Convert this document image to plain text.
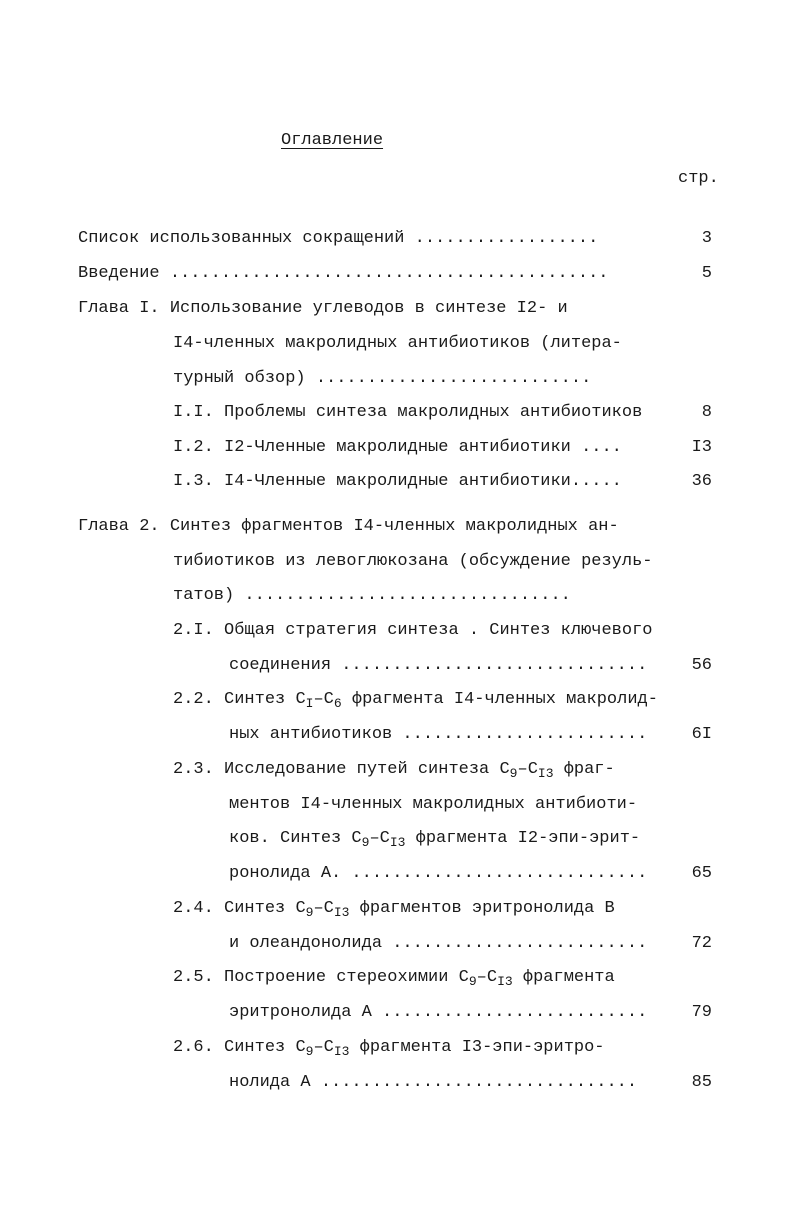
Оглавление
стр.
Список использованных сокращений ..................	3
Введение ...........................................	5
Глава I. Использование углеводов в синтезе I2- и
I4-членных макролидных антибиотиков (литера-
турный обзор) ...........................
I.I. Проблемы синтеза макролидных антибиотиков	8
I.2. I2-Членные макролидные антибиотики ....	I3
I.3. I4-Членные макролидные антибиотики.....	36
Глава 2. Синтез фрагментов I4-членных макролидных ан-
тибиотиков из левоглюкозана (обсуждение резуль-
татов) ................................
2.I. Общая стратегия синтеза . Синтез ключевого
соединения ..............................	56
2.2. Синтез $C_I-C_6$ фрагмента I4-членных макролид-
ных антибиотиков ........................	6I
2.3. Исследование путей синтеза $C_9-C_{I3}$ фраг-
ментов I4-членных макролидных антибиоти-
ков. Синтез $C_9-C_{I3}$ фрагмента I2-эпи-эрит-
ронолида А. .............................	65
2.4. Синтез $C_9-C_{I3}$ фрагментов эритронолида В
и олеандонолида .........................	72
2.5. Построение стереохимии $C_9-C_{I3}$ фрагмента
эритронолида А ..........................	79
2.6. Синтез $C_9-C_{I3}$ фрагмента I3-эпи-эритро-
нолида А ...............................	85
